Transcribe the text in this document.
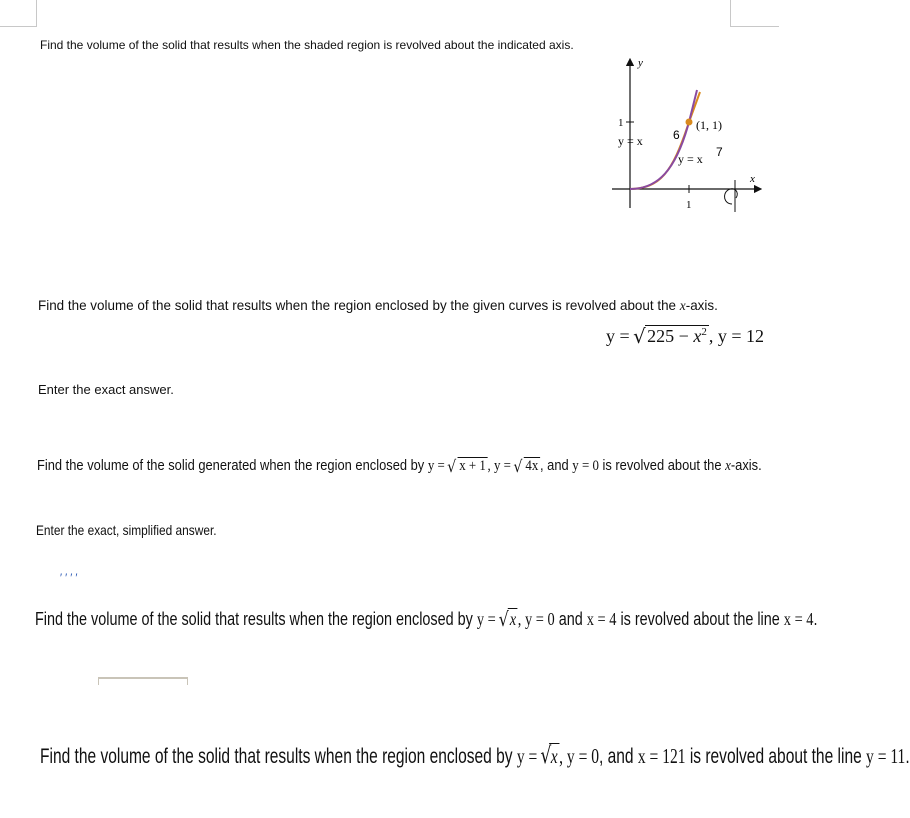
Find the volume of the solid that results when the shaded region is revolved about the indicated axis.
y
x
1
1
(1, 1)
y = x	6
y = x 7
Find the volume of the solid that results when the region enclosed by the given curves is revolved about the x-axis.
y = √ $225 - x^2$ , y = 12
Enter the exact answer.
Find the volume of the solid generated when the region enclosed by y = √ x + 1 , y = √ 4x , and y = 0 is revolved about the x-axis.
Enter the exact, simplified answer.
′ ′ ′ ′
Find the volume of the solid that results when the region enclosed by y = √ x, y = 0 and x = 4 is revolved about the line x = 4.
Find the volume of the solid that results when the region enclosed by y = √ x, y = 0, and x = 121 is revolved about the line y = 11.
